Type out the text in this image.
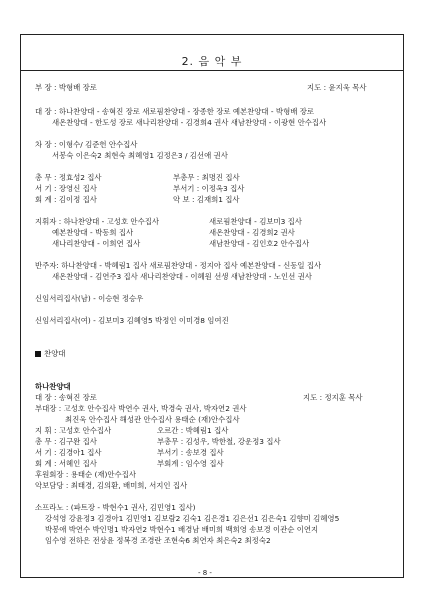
2. 음 악 부
부 장 : 박형배 장로	지도 : 윤지욱 목사
대 장 : 하나찬양대 - 송혁진 장로 새로핌찬양대 - 장종한 장로 예본찬양대 - 박형배 장로
새온찬양대 - 한도성 장로 새나리찬양대 - 김경희4 권사 새남찬양대 - 이광현 안수집사
차 장 : 이형수/ 김준헌 안수집사
서봉숙 이은숙2 최현숙 최혜영1 김정은3 / 김선애 권사
총 무 : 정효성2 집사	부총무 : 최명진 집사
서 기 : 장영신 집사	부서기 : 이정옥3 집사
회 계 : 김이정 집사	악 보 : 김재희1 집사
지휘자 : 하나찬양대 - 고성호 안수집사	새로핌찬양대 - 김보미3 집사
예본찬양대 - 박동희 집사	새온찬양대 - 김경희2 권사
새나리찬양대 - 이희연 집사	새남찬양대 - 김인호2 안수집사
반주자: 하나찬양대 - 박혜림1 집사 새로핌찬양대 - 정지아 집사 예본찬양대 - 신동일 집사
새온찬양대 - 김연주3 집사 새나리찬양대 - 이혜원 선생 새남찬양대 - 노인선 권사
신임서리집사(남) - 이승현 정승우
신임서리집사(여) - 김보미3 김혜영5 박정인 이미경8 임여진
찬양대
하나찬양대
대 장 : 송혁진 장로	지도 : 정지훈 목사
부대장 : 고성호 안수집사 박연수 권사, 박경숙 권사, 박자연2 권사
최진욱 안수집사 해성관 안수집사 용태순 (재)안수집사
지 휘 : 고성호 안수집사	오르간 : 박혜림1 집사
총 무 : 김구완 집사	부총무 : 김성우, 박한철, 강운정3 집사
서 기 : 김경아1 집사	부서기 : 송보경 집사
회 계 : 서혜인 집사	부회계 : 임수영 집사
후원회장 : 용태순 (재)안수집사
악보담당 : 최태경, 김의환, 배미희, 서지인 집사
소프라노 : (파트장 - 박현수1 권사, 김민영1 집사)
강석영 강윤정3 김경아1 김민영1 김보람2 김숙1 김은경1 김은선1 김은숙1 김향미 김혜영5
박봉애 박연수 박인명1 박자연2 박현수1 배경남 배미희 백희영 송보경 이관순 이연지
임수영 전하은 전상윤 정복경 조경란 조현숙6 최연자 최은숙2 최정숙2
- 8 -
